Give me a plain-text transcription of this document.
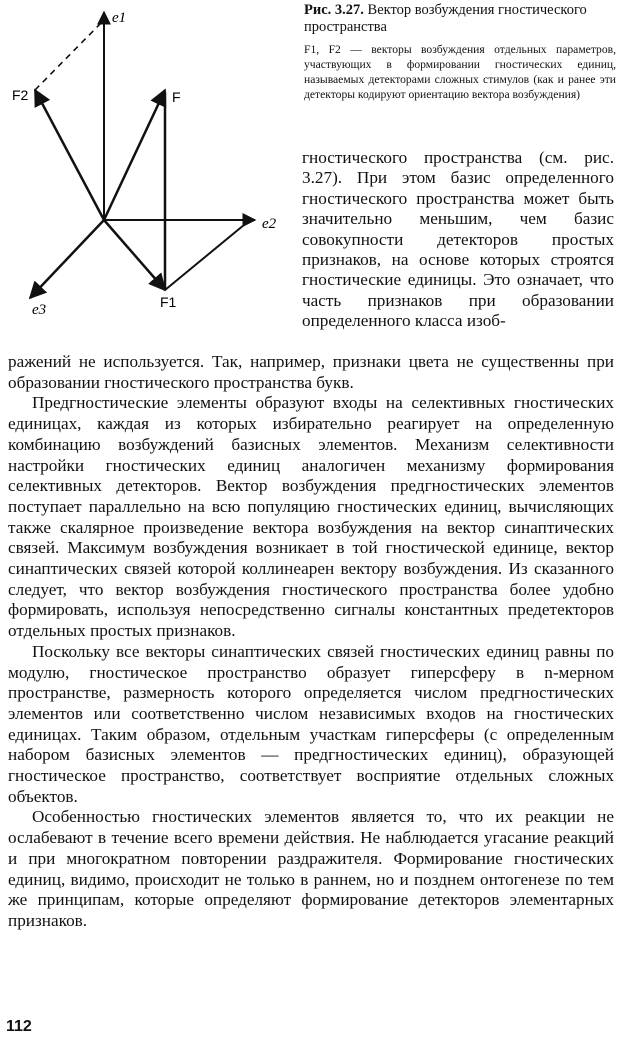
e1
e2
e3
F
F1
F2

Рис. 3.27. Вектор возбуждения гностического пространства

F1, F2 — векторы возбуждения отдельных параметров, участвующих в формировании гностических единиц, называемых детекторами сложных стимулов (как и ранее эти детекторы кодируют ориентацию вектора возбуждения)

гностического пространства (см. рис. 3.27). При этом базис определенного гностического пространства может быть значительно меньшим, чем базис совокупности детекторов простых признаков, на основе которых строятся гностические единицы. Это означает, что часть признаков при образовании определенного класса изоб-

ражений не используется. Так, например, признаки цвета не существенны при образовании гностического пространства букв.

Предгностические элементы образуют входы на селективных гностических единицах, каждая из которых избирательно реагирует на определенную комбинацию возбуждений базисных элементов. Механизм селективности настройки гностических единиц аналогичен механизму формирования селективных детекторов. Вектор возбуждения предгностических элементов поступает параллельно на всю популяцию гностических единиц, вычисляющих также скалярное произведение вектора возбуждения на вектор синаптических связей. Максимум возбуждения возникает в той гностической единице, вектор синаптических связей которой коллинеарен вектору возбуждения. Из сказанного следует, что вектор возбуждения гностического пространства более удобно формировать, используя непосредственно сигналы константных предетекторов отдельных простых признаков.

Поскольку все векторы синаптических связей гностических единиц равны по модулю, гностическое пространство образует гиперсферу в n-мерном пространстве, размерность которого определяется числом предгностических элементов или соответственно числом независимых входов на гностических единицах. Таким образом, отдельным участкам гиперсферы (с определенным набором базисных элементов — предгностических единиц), образующей гностическое пространство, соответствует восприятие отдельных сложных объектов.

Особенностью гностических элементов является то, что их реакции не ослабевают в течение всего времени действия. Не наблюдается угасание реакций и при многократном повторении раздражителя. Формирование гностических единиц, видимо, происходит не только в раннем, но и позднем онтогенезе по тем же принципам, которые определяют формирование детекторов элементарных признаков.

112
